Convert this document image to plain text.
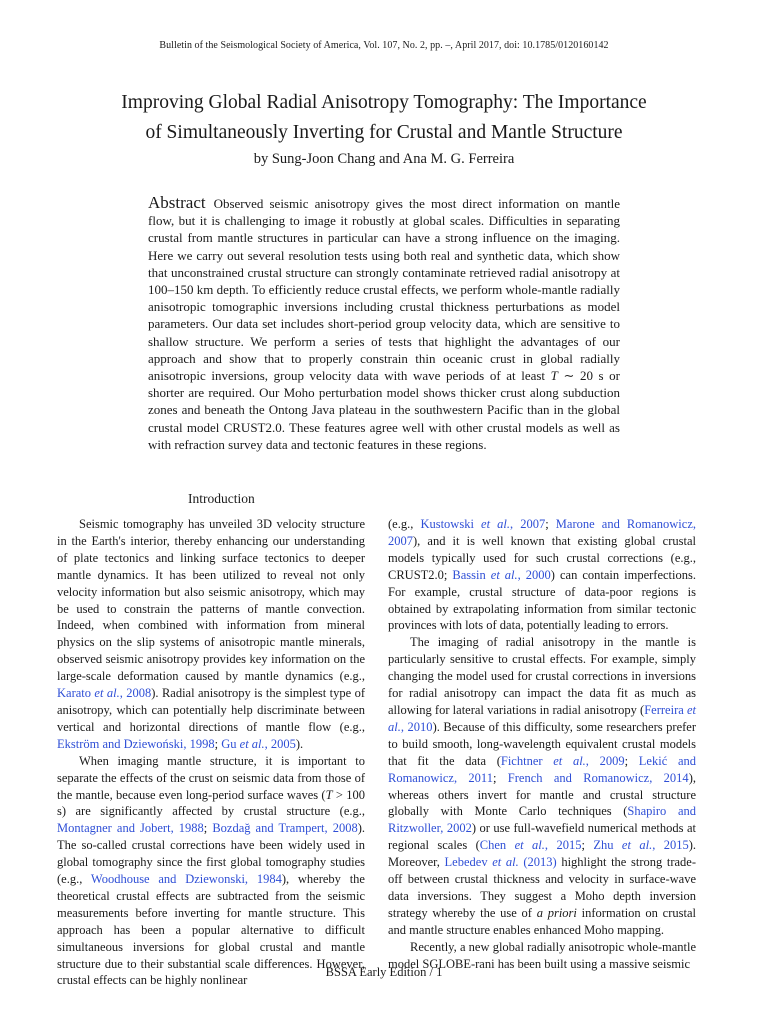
Bulletin of the Seismological Society of America, Vol. 107, No. 2, pp. –, April 2017, doi: 10.1785/0120160142
Improving Global Radial Anisotropy Tomography: The Importance
of Simultaneously Inverting for Crustal and Mantle Structure
by Sung-Joon Chang and Ana M. G. Ferreira
Abstract Observed seismic anisotropy gives the most direct information on mantle flow, but it is challenging to image it robustly at global scales. Difficulties in separating crustal from mantle structures in particular can have a strong influence on the imaging. Here we carry out several resolution tests using both real and synthetic data, which show that unconstrained crustal structure can strongly contaminate retrieved radial anisotropy at 100–150 km depth. To efficiently reduce crustal effects, we perform whole-mantle radially anisotropic tomographic inversions including crustal thickness perturbations as model parameters. Our data set includes short-period group velocity data, which are sensitive to shallow structure. We perform a series of tests that highlight the advantages of our approach and show that to properly constrain thin oceanic crust in global radially anisotropic inversions, group velocity data with wave periods of at least T ∼ 20 s or shorter are required. Our Moho perturbation model shows thicker crust along subduction zones and beneath the Ontong Java plateau in the southwestern Pacific than in the global crustal model CRUST2.0. These features agree well with other crustal models as well as with refraction survey data and tectonic features in these regions.
Introduction

Seismic tomography has unveiled 3D velocity structure in the Earth's interior, thereby enhancing our understanding of plate tectonics and linking surface tectonics to deeper mantle dynamics. It has been utilized to reveal not only velocity information but also seismic anisotropy, which may be used to constrain the patterns of mantle convection. Indeed, when combined with information from mineral physics on the slip systems of anisotropic mantle minerals, observed seismic anisotropy provides key information on the large-scale deformation caused by mantle dynamics (e.g., Karato et al., 2008). Radial anisotropy is the simplest type of anisotropy, which can potentially help discriminate between vertical and horizontal directions of mantle flow (e.g., Ekström and Dziewoński, 1998; Gu et al., 2005).

When imaging mantle structure, it is important to separate the effects of the crust on seismic data from those of the mantle, because even long-period surface waves (T > 100 s) are significantly affected by crustal structure (e.g., Montagner and Jobert, 1988; Bozdağ and Trampert, 2008). The so-called crustal corrections have been widely used in global tomography since the first global tomography studies (e.g., Woodhouse and Dziewonski, 1984), whereby the theoretical crustal effects are subtracted from the seismic measurements before inverting for mantle structure. This approach has been a popular alternative to difficult simultaneous inversions for global crustal and mantle structure due to their substantial scale differences. However, crustal effects can be highly nonlinear

(e.g., Kustowski et al., 2007; Marone and Romanowicz, 2007), and it is well known that existing global crustal models typically used for such crustal corrections (e.g., CRUST2.0; Bassin et al., 2000) can contain imperfections. For example, crustal structure of data-poor regions is obtained by extrapolating information from similar tectonic provinces with lots of data, potentially leading to errors.

The imaging of radial anisotropy in the mantle is particularly sensitive to crustal effects. For example, simply changing the model used for crustal corrections in inversions for radial anisotropy can impact the data fit as much as allowing for lateral variations in radial anisotropy (Ferreira et al., 2010). Because of this difficulty, some researchers prefer to build smooth, long-wavelength equivalent crustal models that fit the data (Fichtner et al., 2009; Lekić and Romanowicz, 2011; French and Romanowicz, 2014), whereas others invert for mantle and crustal structure globally with Monte Carlo techniques (Shapiro and Ritzwoller, 2002) or use full-wavefield numerical methods at regional scales (Chen et al., 2015; Zhu et al., 2015). Moreover, Lebedev et al. (2013) highlight the strong trade-off between crustal thickness and velocity in surface-wave data inversions. They suggest a Moho depth inversion strategy whereby the use of a priori information on crustal and mantle structure enables enhanced Moho mapping.

Recently, a new global radially anisotropic whole-mantle model SGLOBE-rani has been built using a massive seismic

BSSA Early Edition / 1
